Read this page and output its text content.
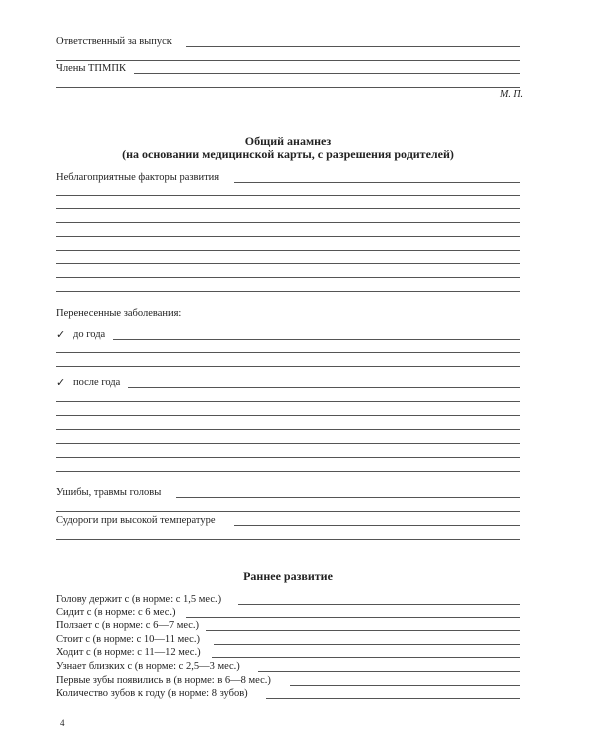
Ответственный за выпуск
Члены ТПМПК
М. П.
Общий анамнез
(на основании медицинской карты, с разрешения родителей)
Неблагоприятные факторы развития
Перенесенные заболевания:
✓ до года
✓ после года
Ушибы, травмы головы
Судороги при высокой температуре
Раннее развитие
Голову держит с (в норме: с 1,5 мес.)
Сидит с (в норме: с 6 мес.)
Ползает с (в норме: с 6—7 мес.)
Стоит с (в норме: с 10—11 мес.)
Ходит с (в норме: с 11—12 мес.)
Узнает близких с (в норме: с 2,5—3 мес.)
Первые зубы появились в (в норме: в 6—8 мес.)
Количество зубов к году (в норме: 8 зубов)
4
